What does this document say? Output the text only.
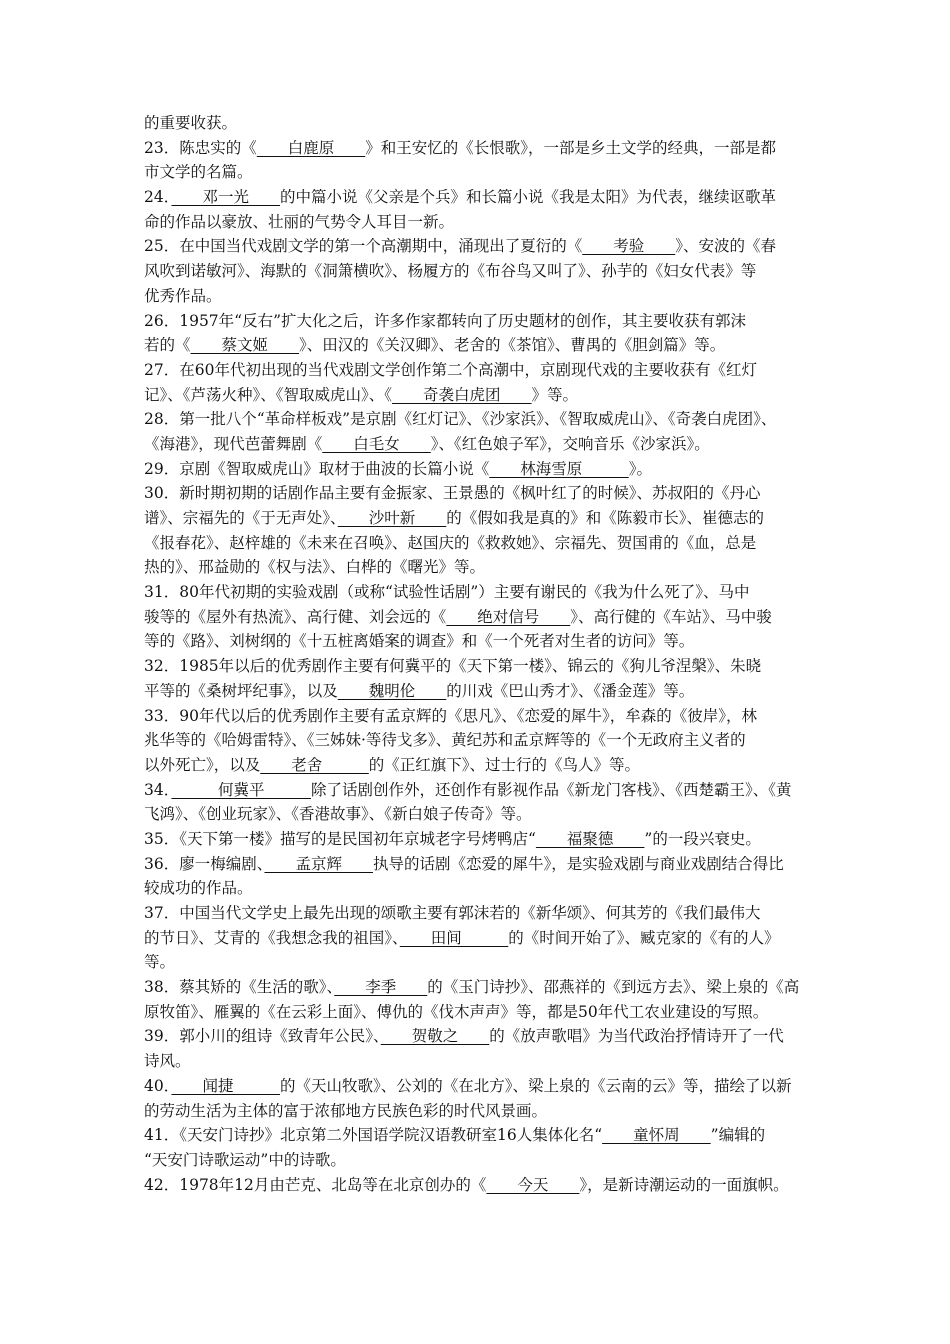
的重要收获。
23．陈忠实的《　　白鹿原　　》和王安忆的《长恨歌》，一部是乡土文学的经典，一部是都
市文学的名篇。
24．　　邓一光　　的中篇小说《父亲是个兵》和长篇小说《我是太阳》为代表，继续讴歌革
命的作品以豪放、壮丽的气势令人耳目一新。
25．在中国当代戏剧文学的第一个高潮期中，涌现出了夏衍的《　　考验　　》、安波的《春
风吹到诺敏河》、海默的《洞箫横吹》、杨履方的《布谷鸟又叫了》、孙芋的《妇女代表》等
优秀作品。
26．1957年“反右”扩大化之后，许多作家都转向了历史题材的创作，其主要收获有郭沫
若的《　　蔡文姬　　》、田汉的《关汉卿》、老舍的《茶馆》、曹禺的《胆剑篇》等。
27．在60年代初出现的当代戏剧文学创作第二个高潮中，京剧现代戏的主要收获有《红灯
记》、《芦荡火种》、《智取威虎山》、《　　奇袭白虎团　　》等。
28．第一批八个“革命样板戏”是京剧《红灯记》、《沙家浜》、《智取威虎山》、《奇袭白虎团》、
《海港》，现代芭蕾舞剧《　　白毛女　　》、《红色娘子军》，交响音乐《沙家浜》。
29．京剧《智取威虎山》取材于曲波的长篇小说《　　林海雪原　　　》。
30．新时期初期的话剧作品主要有金振家、王景愚的《枫叶红了的时候》、苏叔阳的《丹心
谱》、宗福先的《于无声处》、　　沙叶新　　的《假如我是真的》和《陈毅市长》、崔德志的
《报春花》、赵梓雄的《未来在召唤》、赵国庆的《救救她》、宗福先、贺国甫的《血，总是
热的》、邢益勋的《权与法》、白桦的《曙光》等。
31．80年代初期的实验戏剧（或称“试验性话剧”）主要有谢民的《我为什么死了》、马中
骏等的《屋外有热流》、高行健、刘会远的《　　绝对信号　　》、高行健的《车站》、马中骏
等的《路》、刘树纲的《十五桩离婚案的调查》和《一个死者对生者的访问》等。
32．1985年以后的优秀剧作主要有何冀平的《天下第一楼》、锦云的《狗儿爷涅槃》、朱晓
平等的《桑树坪纪事》，以及　　魏明伦　　的川戏《巴山秀才》、《潘金莲》等。
33．90年代以后的优秀剧作主要有孟京辉的《思凡》、《恋爱的犀牛》，牟森的《彼岸》，林
兆华等的《哈姆雷特》、《三姊妹·等待戈多》、黄纪苏和孟京辉等的《一个无政府主义者的
以外死亡》，以及　　老舍　　　的《正红旗下》、过士行的《鸟人》等。
34．　　　何冀平　　　除了话剧创作外，还创作有影视作品《新龙门客栈》、《西楚霸王》、《黄
飞鸿》、《创业玩家》、《香港故事》、《新白娘子传奇》等。
35．《天下第一楼》描写的是民国初年京城老字号烤鸭店“　　福聚德　　”的一段兴衰史。
36．廖一梅编剧、　　孟京辉　　执导的话剧《恋爱的犀牛》，是实验戏剧与商业戏剧结合得比
较成功的作品。
37．中国当代文学史上最先出现的颂歌主要有郭沫若的《新华颂》、何其芳的《我们最伟大
的节日》、艾青的《我想念我的祖国》、　　田间　　　的《时间开始了》、臧克家的《有的人》
等。
38．蔡其矫的《生活的歌》、　　李季　　的《玉门诗抄》、邵燕祥的《到远方去》、梁上泉的《高
原牧笛》、雁翼的《在云彩上面》、傅仇的《伐木声声》等，都是50年代工农业建设的写照。
39．郭小川的组诗《致青年公民》、　　贺敬之　　的《放声歌唱》为当代政治抒情诗开了一代
诗风。
40．　　闻捷　　　的《天山牧歌》、公刘的《在北方》、梁上泉的《云南的云》等，描绘了以新
的劳动生活为主体的富于浓郁地方民族色彩的时代风景画。
41．《天安门诗抄》北京第二外国语学院汉语教研室16人集体化名“　　童怀周　　”编辑的
“天安门诗歌运动”中的诗歌。
42．1978年12月由芒克、北岛等在北京创办的《　　今天　　》，是新诗潮运动的一面旗帜。
